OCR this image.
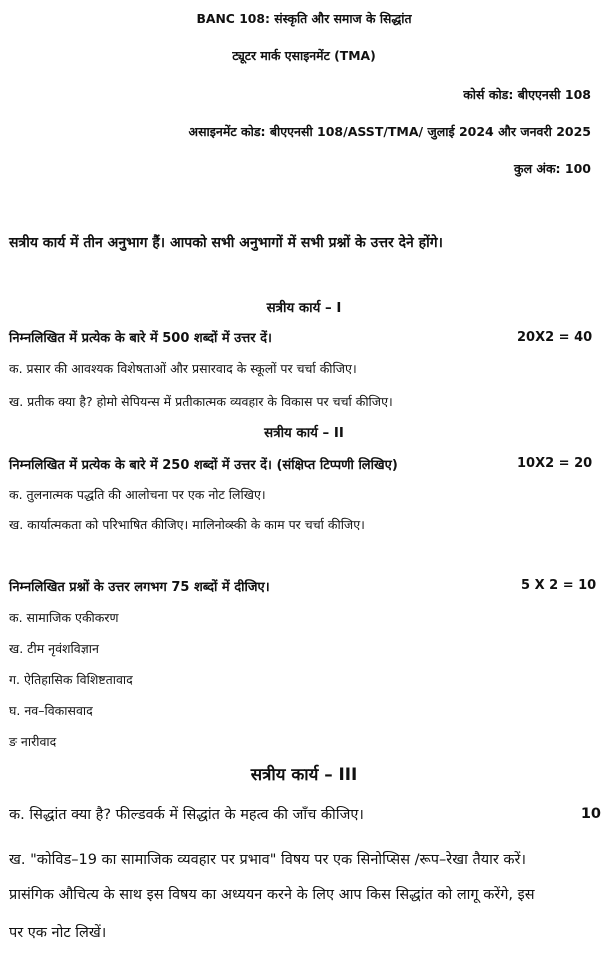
BANC 108: संस्कृति और समाज के सिद्धांत
ट्यूटर मार्क एसाइनमेंट (TMA)
कोर्स कोड: बीएएनसी 108
असाइनमेंट कोड: बीएएनसी 108/ASST/TMA/ जुलाई 2024 और जनवरी 2025
कुल अंक: 100
सत्रीय कार्य में तीन अनुभाग हैं। आपको सभी अनुभागों में सभी प्रश्नों के उत्तर देने होंगे।
सत्रीय कार्य – I
निम्नलिखित में प्रत्येक के बारे में 500 शब्दों में उत्तर दें।	20X2 = 40
क. प्रसार की आवश्यक विशेषताओं और प्रसारवाद के स्कूलों पर चर्चा कीजिए।
ख. प्रतीक क्या है? होमो सेपियन्स में प्रतीकात्मक व्यवहार के विकास पर चर्चा कीजिए।
सत्रीय कार्य – II
निम्नलिखित में प्रत्येक के बारे में 250 शब्दों में उत्तर दें। (संक्षिप्त टिप्पणी लिखिए)	10X2 = 20
क. तुलनात्मक पद्धति की आलोचना पर एक नोट लिखिए।
ख. कार्यात्मकता को परिभाषित कीजिए। मालिनोव्स्की के काम पर चर्चा कीजिए।
निम्नलिखित प्रश्नों के उत्तर लगभग 75 शब्दों में दीजिए।	5 X 2 = 10
क. सामाजिक एकीकरण
ख. टीम नृवंशविज्ञान
ग. ऐतिहासिक विशिष्टतावाद
घ. नव–विकासवाद
ङ नारीवाद
सत्रीय कार्य – III
क. सिद्धांत क्या है? फील्डवर्क में सिद्धांत के महत्व की जाँच कीजिए।	10
ख. "कोविड–19 का सामाजिक व्यवहार पर प्रभाव" विषय पर एक सिनोप्सिस /रूप–रेखा तैयार करें।
प्रासंगिक औचित्य के साथ इस विषय का अध्ययन करने के लिए आप किस सिद्धांत को लागू करेंगे, इस
पर एक नोट लिखें।
